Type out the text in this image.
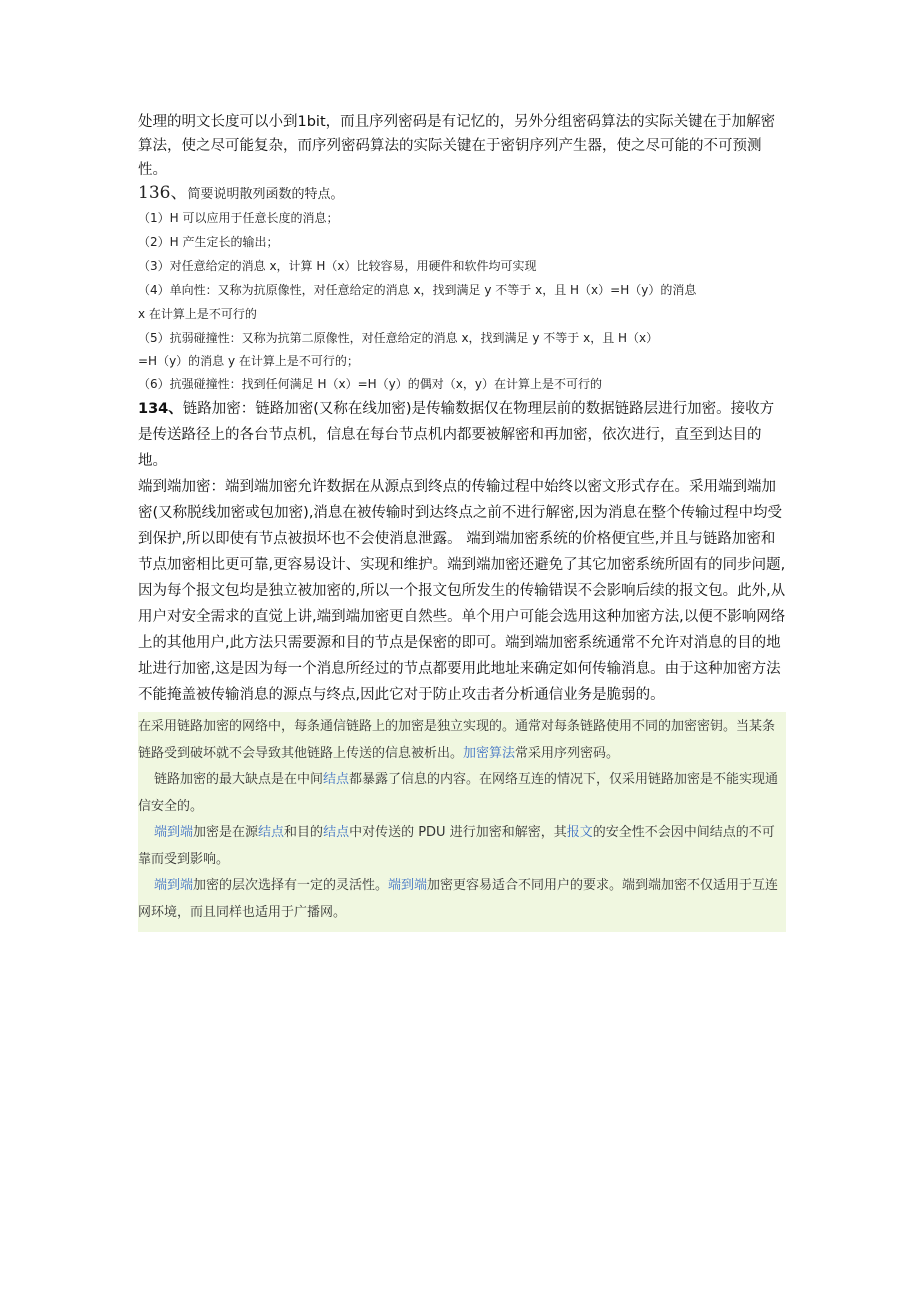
处理的明文长度可以小到1bit，而且序列密码是有记忆的，另外分组密码算法的实际关键在于加解密算法，使之尽可能复杂，而序列密码算法的实际关键在于密钥序列产生器，使之尽可能的不可预测性。

136、简要说明散列函数的特点。

（1）H 可以应用于任意长度的消息；

（2）H 产生定长的输出；

（3）对任意给定的消息 x，计算 H（x）比较容易，用硬件和软件均可实现

（4）单向性：又称为抗原像性，对任意给定的消息 x，找到满足 y 不等于 x，且 H（x）=H（y）的消息

x 在计算上是不可行的

（5）抗弱碰撞性：又称为抗第二原像性，对任意给定的消息 x，找到满足 y 不等于 x，且 H（x）

=H（y）的消息 y 在计算上是不可行的；

（6）抗强碰撞性：找到任何满足 H（x）=H（y）的偶对（x，y）在计算上是不可行的

134、链路加密：链路加密(又称在线加密)是传输数据仅在物理层前的数据链路层进行加密。接收方是传送路径上的各台节点机，信息在每台节点机内都要被解密和再加密，依次进行，直至到达目的地。

端到端加密：端到端加密允许数据在从源点到终点的传输过程中始终以密文形式存在。采用端到端加密(又称脱线加密或包加密),消息在被传输时到达终点之前不进行解密,因为消息在整个传输过程中均受到保护,所以即使有节点被损坏也不会使消息泄露。 端到端加密系统的价格便宜些,并且与链路加密和节点加密相比更可靠,更容易设计、实现和维护。端到端加密还避免了其它加密系统所固有的同步问题,因为每个报文包均是独立被加密的,所以一个报文包所发生的传输错误不会影响后续的报文包。此外,从用户对安全需求的直觉上讲,端到端加密更自然些。单个用户可能会选用这种加密方法,以便不影响网络上的其他用户,此方法只需要源和目的节点是保密的即可。端到端加密系统通常不允许对消息的目的地址进行加密,这是因为每一个消息所经过的节点都要用此地址来确定如何传输消息。由于这种加密方法不能掩盖被传输消息的源点与终点,因此它对于防止攻击者分析通信业务是脆弱的。

在采用链路加密的网络中，每条通信链路上的加密是独立实现的。通常对每条链路使用不同的加密密钥。当某条链路受到破坏就不会导致其他链路上传送的信息被析出。加密算法常采用序列密码。

链路加密的最大缺点是在中间结点都暴露了信息的内容。在网络互连的情况下，仅采用链路加密是不能实现通信安全的。

端到端加密是在源结点和目的结点中对传送的 PDU 进行加密和解密，其报文的安全性不会因中间结点的不可靠而受到影响。

端到端加密的层次选择有一定的灵活性。端到端加密更容易适合不同用户的要求。端到端加密不仅适用于互连网环境，而且同样也适用于广播网。
